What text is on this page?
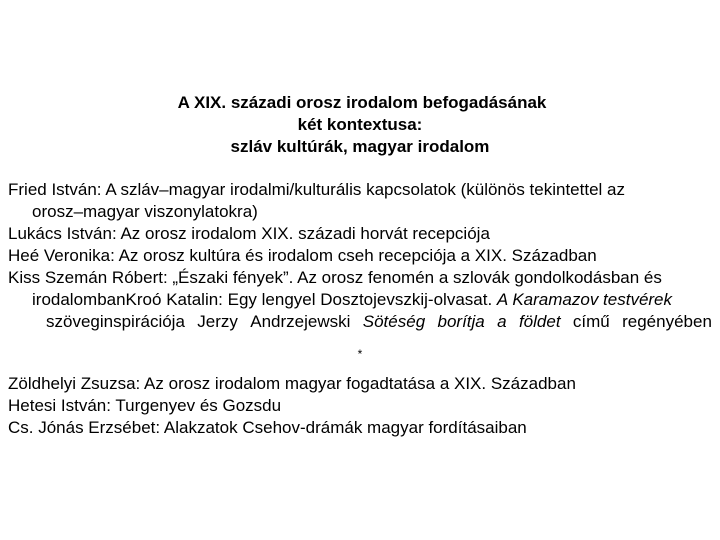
A XIX. századi orosz irodalom befogadásának
két kontextusa:
szláv kultúrák, magyar irodalom
Fried István: A szláv–magyar irodalmi/kulturális kapcsolatok (különös tekintettel az
orosz–magyar viszonylatokra)
Lukács István: Az orosz irodalom XIX. századi horvát recepciója
Heé Veronika: Az orosz kultúra és irodalom cseh recepciója a XIX. Században
Kiss Szemán Róbert: „Északi fények”. Az orosz fenomén a szlovák gondolkodásban és
irodalombanKroó Katalin: Egy lengyel Dosztojevszkij-olvasat. A Karamazov testvérek
szöveginspirációja Jerzy Andrzejewski Sötéség borítja a földet című regényében
*
Zöldhelyi Zsuzsa: Az orosz irodalom magyar fogadtatása a XIX. Században
Hetesi István: Turgenyev és Gozsdu
Cs. Jónás Erzsébet: Alakzatok Csehov-drámák magyar fordításaiban
